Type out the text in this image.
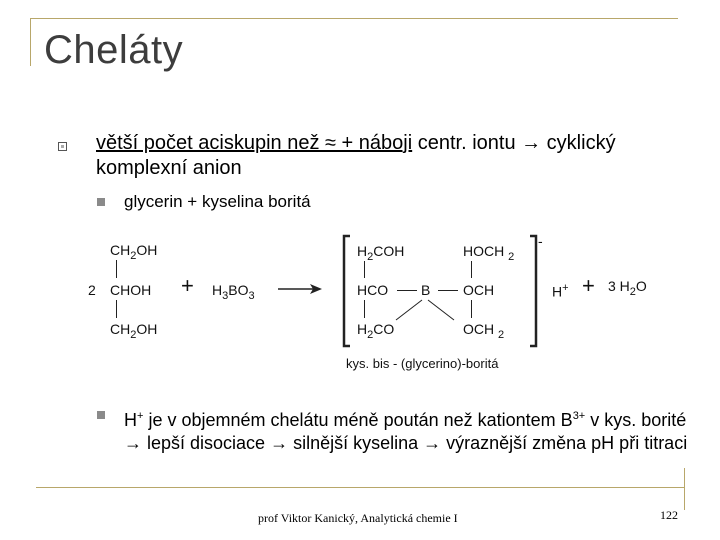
Cheláty
větší počet aciskupin než ≈ + náboji centr. iontu → cyklický komplexní anion
glycerin + kyselina boritá
$CH_2OH$
2 CHOH
$CH_2OH$
+ $H_3BO_3$ →
-
$H_2COH$	HOCH $_2$
HCO B OCH
$H_2CO$	OCH $_2$
H+ + 3 $H_2O$
kys. bis - (glycerino)-boritá
H+ je v objemném chelátu méně poután než kationtem $B^{3+}$ v kys. borité → lepší disociace → silnější kyselina → výraznější změna pH při titraci
prof Viktor Kanický, Analytická chemie I	122
